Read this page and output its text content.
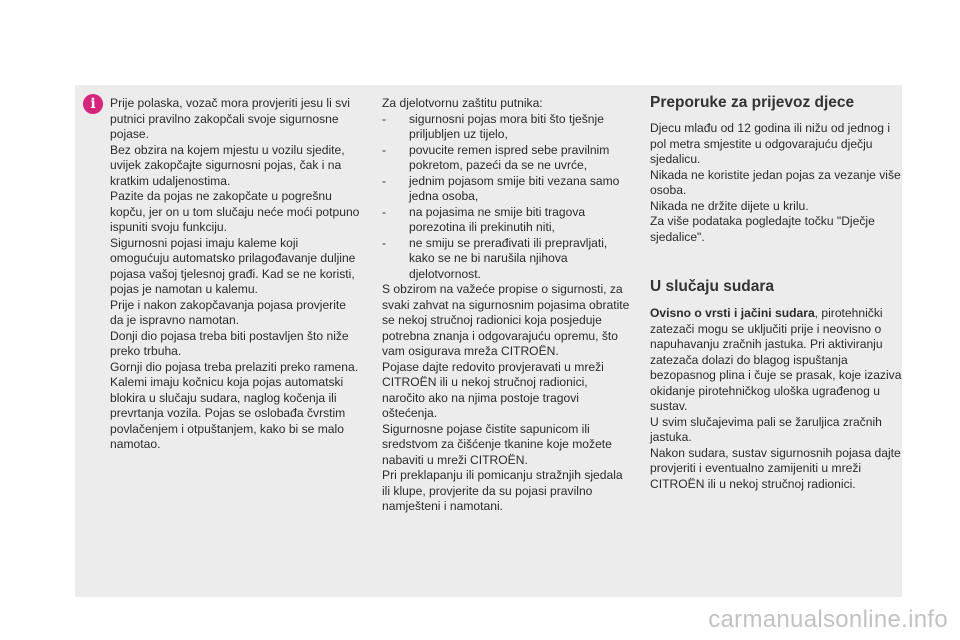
i	Prije polaska, vozač mora provjeriti jesu li svi putnici pravilno zakopčali svoje sigurnosne pojase.

Bez obzira na kojem mjestu u vozilu sjedite, uvijek zakopčajte sigurnosni pojas, čak i na kratkim udaljenostima.

Pazite da pojas ne zakopčate u pogrešnu kopču, jer on u tom slučaju neće moći potpuno ispuniti svoju funkciju.

Sigurnosni pojasi imaju kaleme koji omogućuju automatsko prilagođavanje duljine pojasa vašoj tjelesnoj građi. Kad se ne koristi, pojas je namotan u kalemu.

Prije i nakon zakopčavanja pojasa provjerite da je ispravno namotan.

Donji dio pojasa treba biti postavljen što niže preko trbuha.

Gornji dio pojasa treba prelaziti preko ramena.

Kalemi imaju kočnicu koja pojas automatski blokira u slučaju sudara, naglog kočenja ili prevrtanja vozila. Pojas se oslobađa čvrstim povlačenjem i otpuštanjem, kako bi se malo namotao.

Za djelotvornu zaštitu putnika:

- sigurnosni pojas mora biti što tješnje priljubljen uz tijelo,
- povucite remen ispred sebe pravilnim pokretom, pazeći da se ne uvrće,
- jednim pojasom smije biti vezana samo jedna osoba,
- na pojasima ne smije biti tragova porezotina ili prekinutih niti,
- ne smiju se prerađivati ili prepravljati, kako se ne bi narušila njihova djelotvornost.

S obzirom na važeće propise o sigurnosti, za svaki zahvat na sigurnosnim pojasima obratite se nekoj stručnoj radionici koja posjeduje potrebna znanja i odgovarajuću opremu, što vam osigurava mreža CITROËN.

Pojase dajte redovito provjeravati u mreži CITROËN ili u nekoj stručnoj radionici, naročito ako na njima postoje tragovi oštećenja.

Sigurnosne pojase čistite sapunicom ili sredstvom za čišćenje tkanine koje možete nabaviti u mreži CITROËN.

Pri preklapanju ili pomicanju stražnjih sjedala ili klupe, provjerite da su pojasi pravilno namješteni i namotani.

Preporuke za prijevoz djece

Djecu mlađu od 12 godina ili nižu od jednog i pol metra smjestite u odgovarajuću dječju sjedalicu.

Nikada ne koristite jedan pojas za vezanje više osoba.

Nikada ne držite dijete u krilu.

Za više podataka pogledajte točku "Dječje sjedalice".

U slučaju sudara

Ovisno o vrsti i jačini sudara, pirotehnički zatezači mogu se uključiti prije i neovisno o napuhavanju zračnih jastuka. Pri aktiviranju zatezača dolazi do blagog ispuštanja bezopasnog plina i čuje se prasak, koje izaziva okidanje pirotehničkog uloška ugrađenog u sustav.

U svim slučajevima pali se žaruljica zračnih jastuka.

Nakon sudara, sustav sigurnosnih pojasa dajte provjeriti i eventualno zamijeniti u mreži CITROËN ili u nekoj stručnoj radionici.

carmanualsonline.info
